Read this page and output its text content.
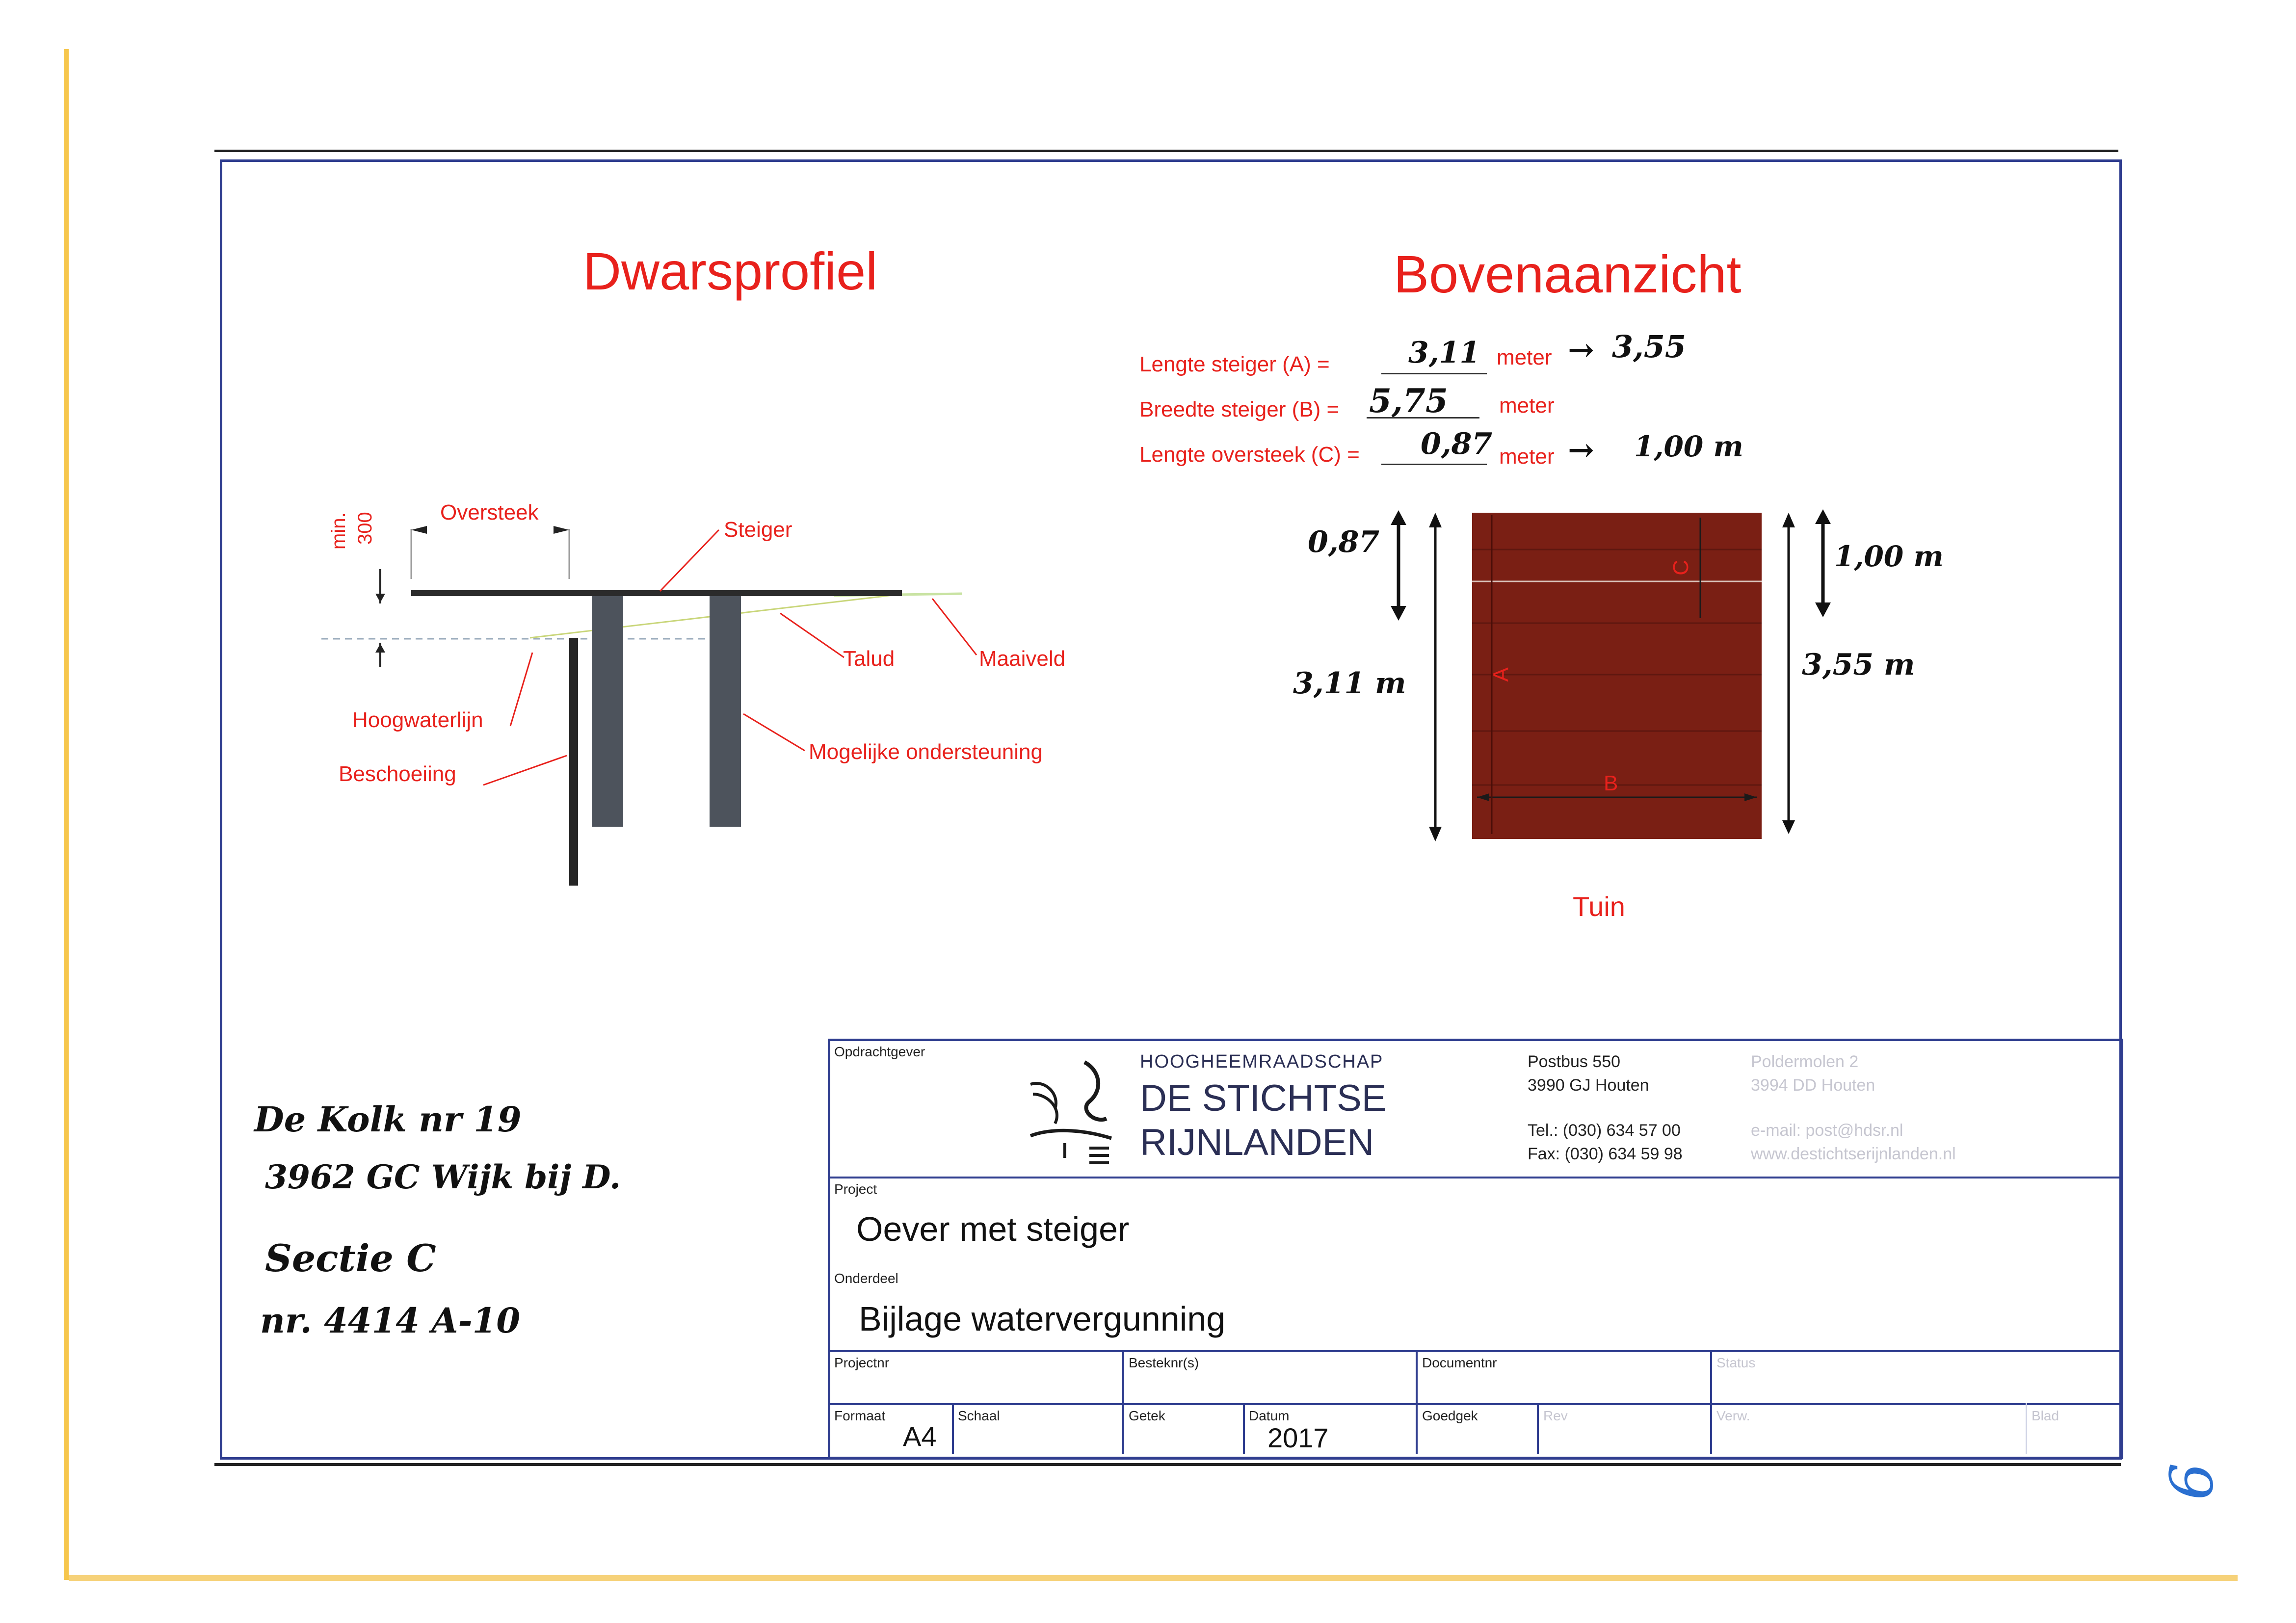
Dwarsprofiel	Bovenaanzicht
Lengte steiger (A) =	3,11 meter → 3,55
Breedte steiger (B) = 5,75 meter
Lengte oversteek (C) = 0,87 meter → 1,00 m
min. 300	Oversteek
Steiger
Talud	Maaiveld
Hoogwaterlijn
Beschoeiing
Mogelijke ondersteuning
A
B
C
0,87
3,11 m
1,00 m
3,55 m
Tuin
De Kolk nr 19
3962 GC Wijk bij D.
Sectie C
nr. 4414 A-10
Opdrachtgever	HOOGHEEMRAADSCHAP
DE STICHTSE
RIJNLANDEN
Postbus 550
3990 GJ Houten
Poldermolen 2
3994 DD Houten
Tel.: (030) 634 57 00
Fax: (030) 634 59 98
e-mail: post@hdsr.nl
www.destichtserijnlanden.nl
Project
Oever met steiger
Onderdeel
Bijlage watervergunning
Projectnr	Besteknr(s)	Documentnr	Status
Formaat
A4
Schaal	Getek	Datum
2017
Goedgek	Rev	Verw.	Blad
6
